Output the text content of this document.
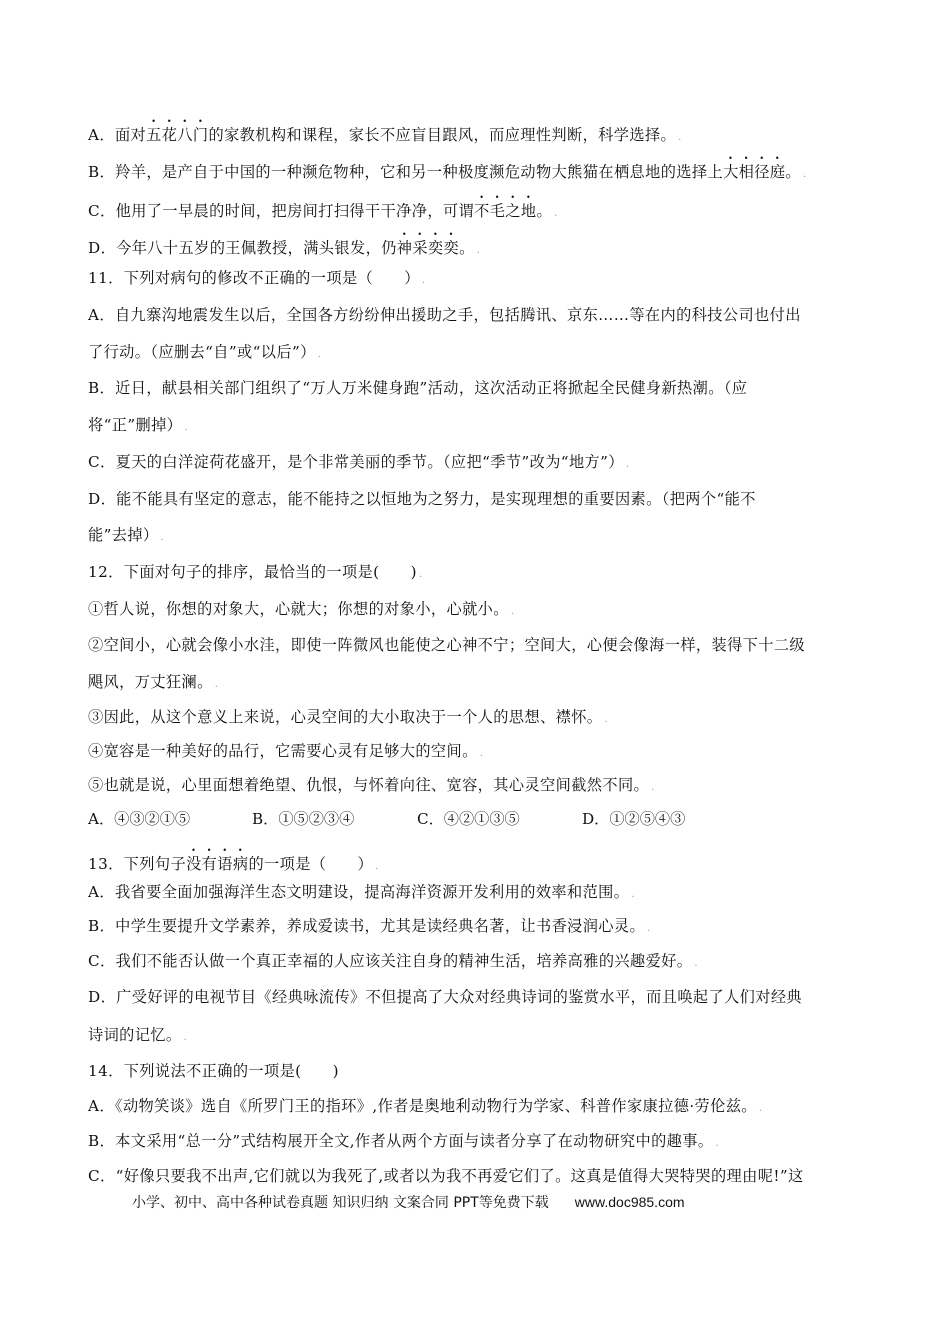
A．面对五花八门的家教机构和课程，家长不应盲目跟风，而应理性判断，科学选择。 .
B．羚羊，是产自于中国的一种濒危物种，它和另一种极度濒危动物大熊猫在栖息地的选择上大相径庭。 .
C．他用了一早晨的时间，把房间打扫得干干净净，可谓不毛之地。 .
D．今年八十五岁的王佩教授，满头银发，仍神采奕奕。 .
11．下列对病句的修改不正确的一项是（　　） .
A．自九寨沟地震发生以后，全国各方纷纷伸出援助之手，包括腾讯、京东……等在内的科技公司也付出
了行动。（应删去“自”或“以后”） .
B．近日，献县相关部门组织了“万人万米健身跑”活动，这次活动正将掀起全民健身新热潮。（应
将“正”删掉） .
C．夏天的白洋淀荷花盛开，是个非常美丽的季节。（应把“季节”改为“地方”） .
D．能不能具有坚定的意志，能不能持之以恒地为之努力，是实现理想的重要因素。（把两个“能不
能”去掉） .
12．下面对句子的排序，最恰当的一项是(　　) .
①哲人说，你想的对象大，心就大；你想的对象小，心就小。 .
②空间小，心就会像小水洼，即使一阵微风也能使之心神不宁；空间大，心便会像海一样，装得下十二级
飓风，万丈狂澜。 .
③因此，从这个意义上来说，心灵空间的大小取决于一个人的思想、襟怀。 .
④宽容是一种美好的品行，它需要心灵有足够大的空间。 .
⑤也就是说，心里面想着绝望、仇恨，与怀着向往、宽容，其心灵空间截然不同。 .
A．④③②①⑤	B．①⑤②③④	C．④②①③⑤	D．①②⑤④③
13．下列句子没有语病的一项是（　　） .
A．我省要全面加强海洋生态文明建设，提高海洋资源开发利用的效率和范围。 .
B．中学生要提升文学素养，养成爱读书，尤其是读经典名著，让书香浸润心灵。 .
C．我们不能否认做一个真正幸福的人应该关注自身的精神生活，培养高雅的兴趣爱好。 .
D．广受好评的电视节目《经典咏流传》不但提高了大众对经典诗词的鉴赏水平，而且唤起了人们对经典
诗词的记忆。 .
14．下列说法不正确的一项是(　　)
A．《动物笑谈》选自《所罗门王的指环》,作者是奥地利动物行为学家、科普作家康拉德·劳伦兹。 .
B．本文采用“总一分”式结构展开全文,作者从两个方面与读者分享了在动物研究中的趣事。 .
C．“好像只要我不出声,它们就以为我死了,或者以为我不再爱它们了。这真是值得大哭特哭的理由呢!”这
小学、初中、高中各种试卷真题 知识归纳 文案合同 PPT等免费下载 www.doc985.com
